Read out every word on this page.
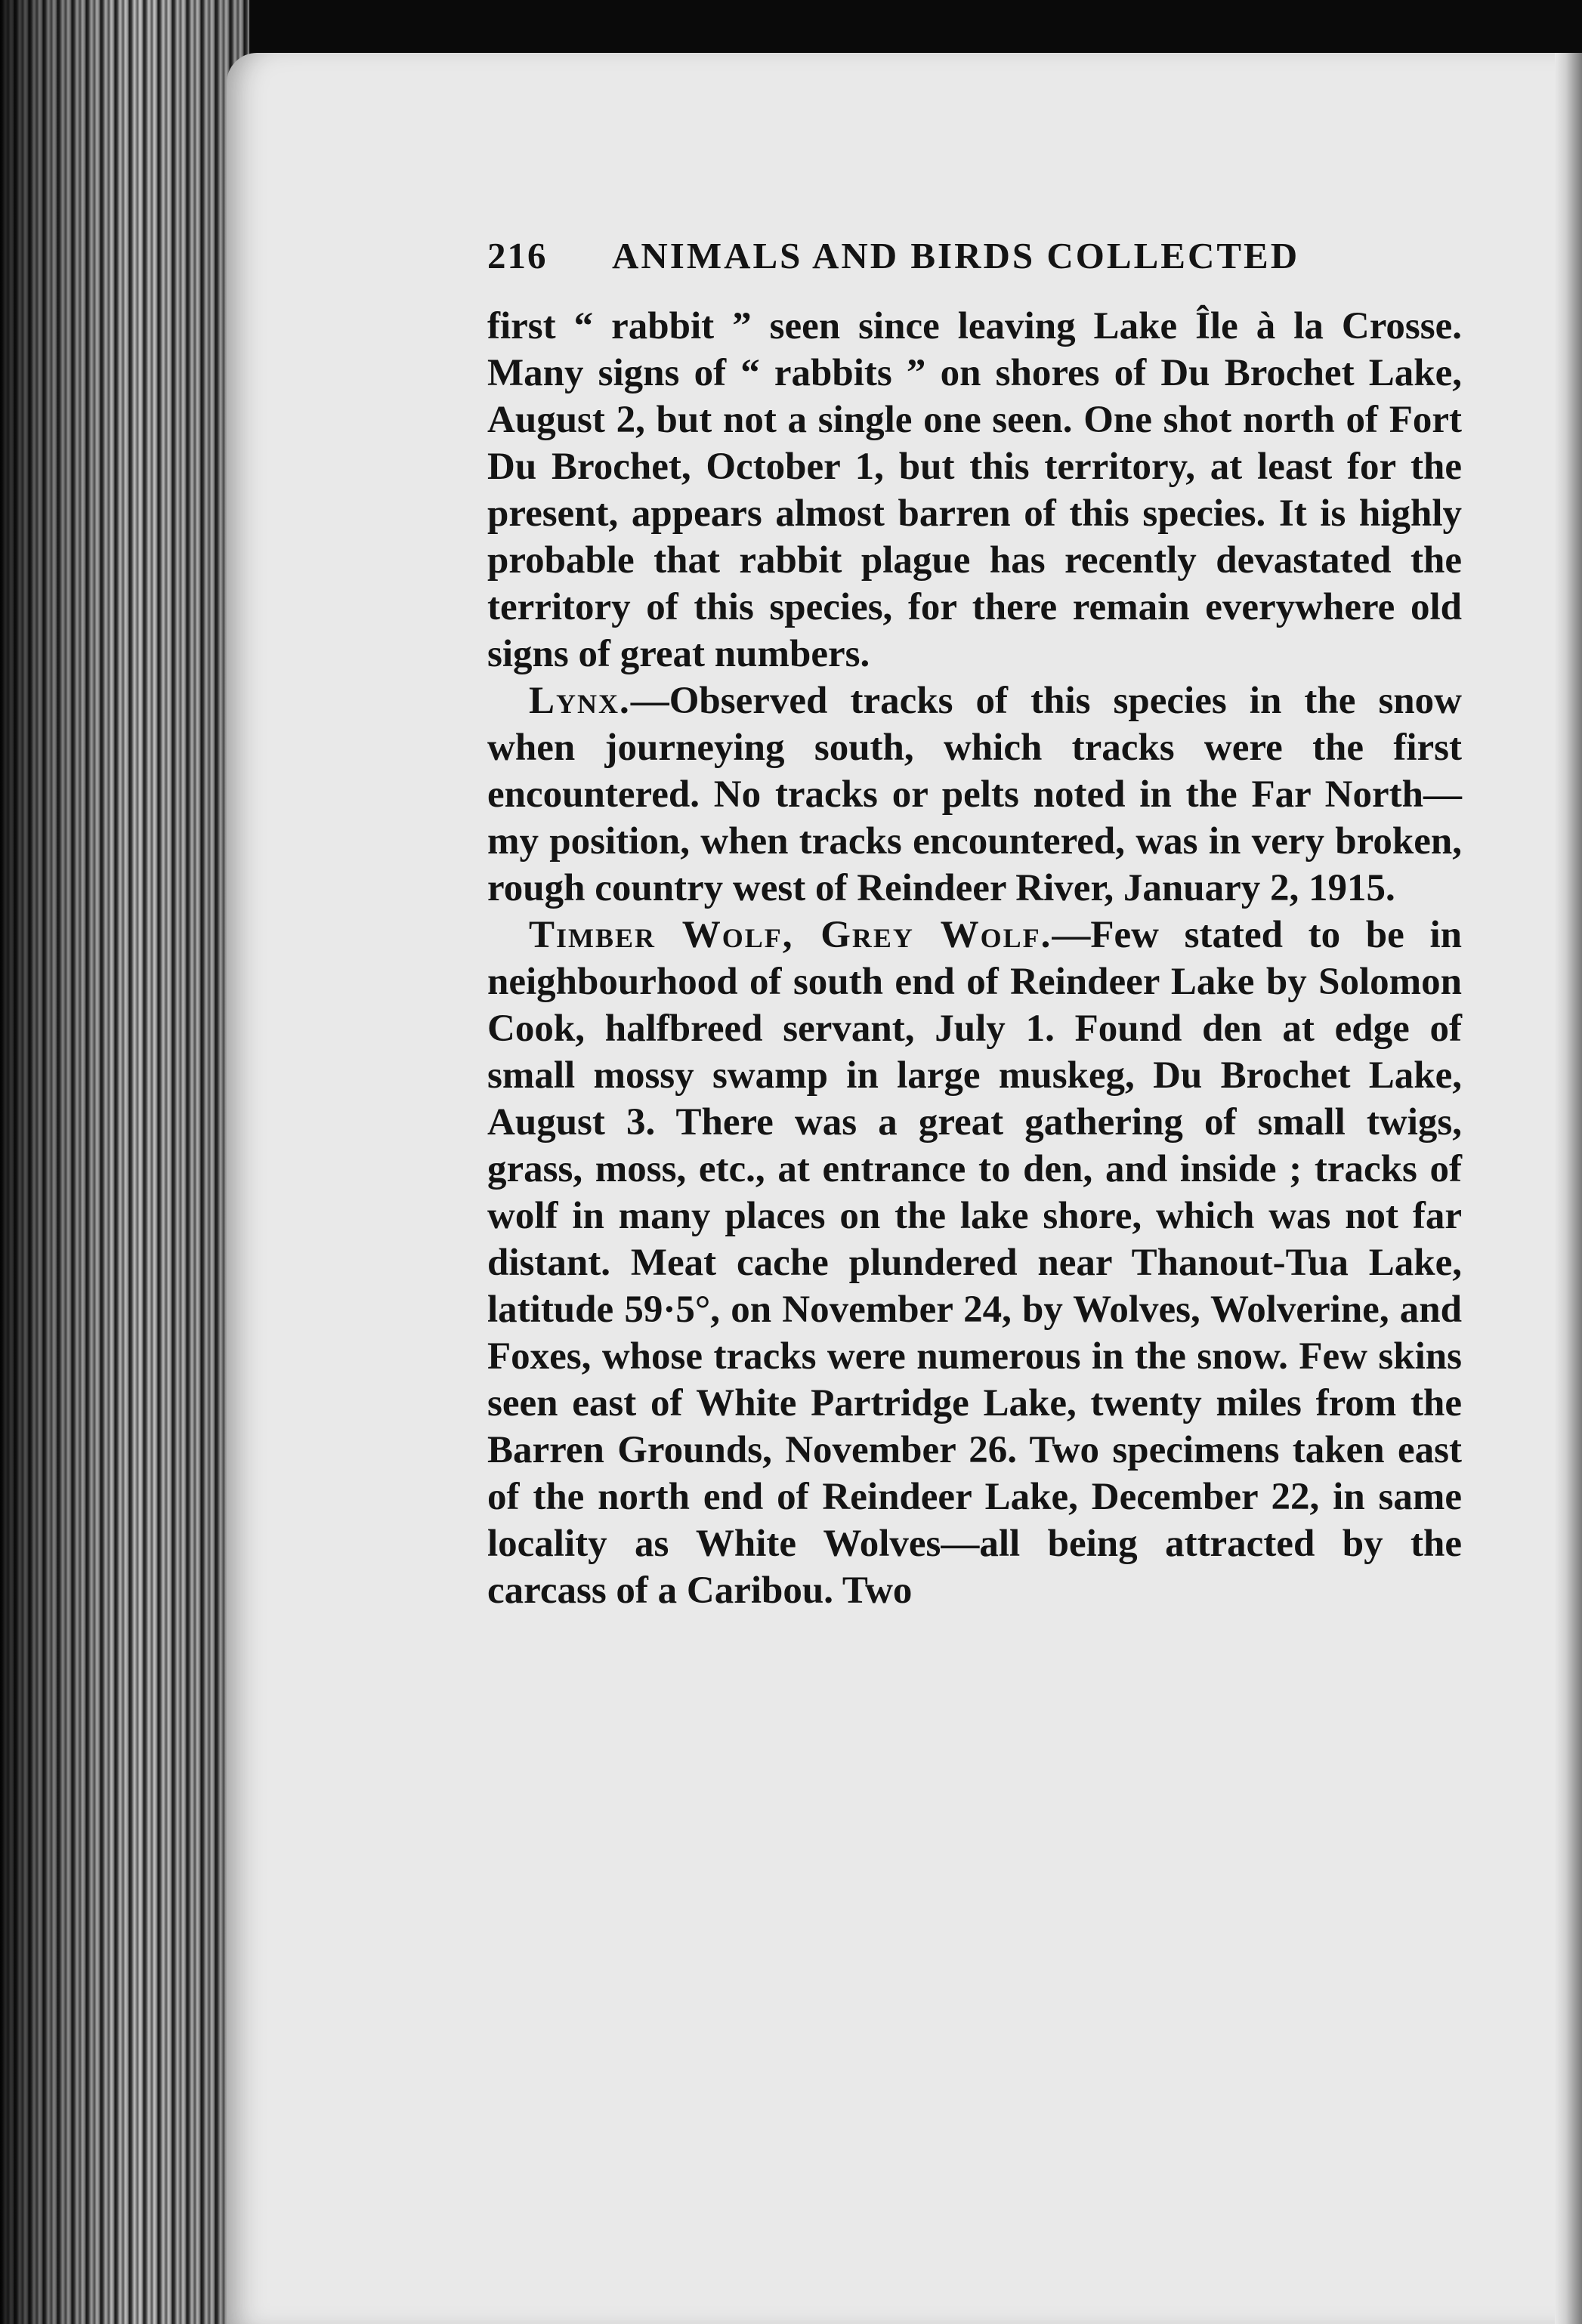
216	ANIMALS AND BIRDS COLLECTED

first “ rabbit ” seen since leaving Lake Île à la Crosse. Many signs of “ rabbits ” on shores of Du Brochet Lake, August 2, but not a single one seen. One shot north of Fort Du Brochet, October 1, but this territory, at least for the present, appears almost barren of this species. It is highly probable that rabbit plague has recently devastated the territory of this species, for there remain everywhere old signs of great numbers.

Lynx.—Observed tracks of this species in the snow when journeying south, which tracks were the first encountered. No tracks or pelts noted in the Far North—my position, when tracks encountered, was in very broken, rough country west of Reindeer River, January 2, 1915.

Timber Wolf, Grey Wolf.—Few stated to be in neighbourhood of south end of Reindeer Lake by Solomon Cook, halfbreed servant, July 1. Found den at edge of small mossy swamp in large muskeg, Du Brochet Lake, August 3. There was a great gathering of small twigs, grass, moss, etc., at entrance to den, and inside ; tracks of wolf in many places on the lake shore, which was not far distant. Meat cache plundered near Thanout-Tua Lake, latitude 59·5°, on November 24, by Wolves, Wolverine, and Foxes, whose tracks were numerous in the snow. Few skins seen east of White Partridge Lake, twenty miles from the Barren Grounds, November 26. Two specimens taken east of the north end of Reindeer Lake, December 22, in same locality as White Wolves—all being attracted by the carcass of a Caribou. Two
